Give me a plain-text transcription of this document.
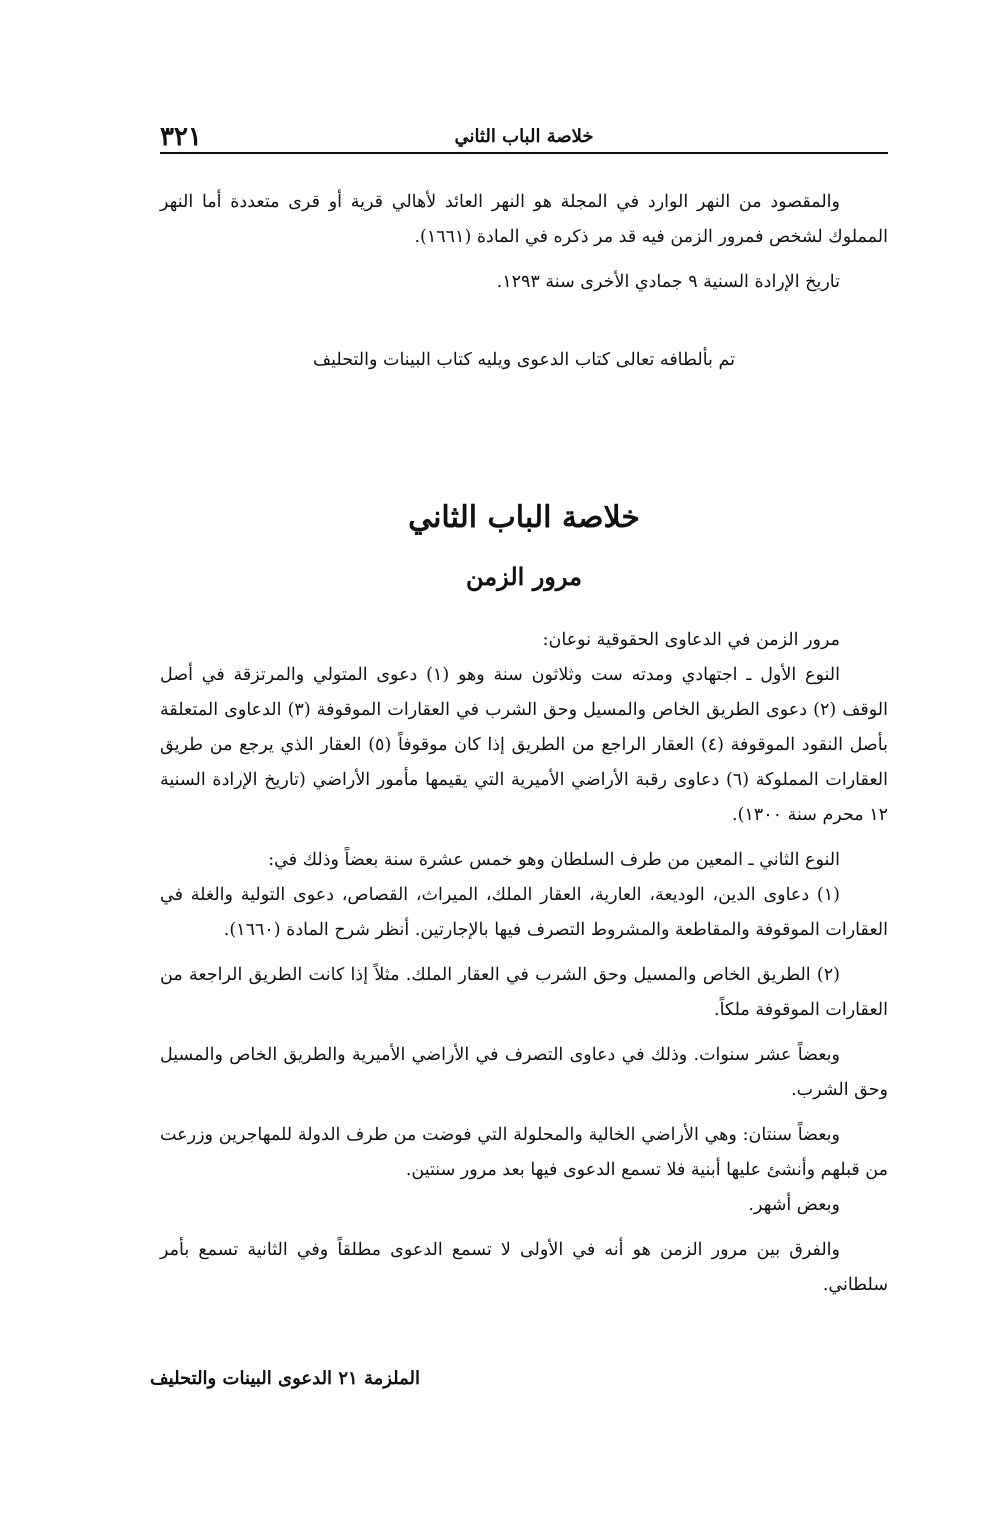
٣٢١	خلاصة الباب الثاني

والمقصود من النهر الوارد في المجلة هو النهر العائد لأهالي قرية أو قرى متعددة أما النهر المملوك لشخص فمرور الزمن فيه قد مر ذكره في المادة (١٦٦١).

تاريخ الإرادة السنية ٩ جمادي الأخرى سنة ١٢٩٣.

تم بألطافه تعالى كتاب الدعوى ويليه كتاب البينات والتحليف
خلاصة الباب الثاني
مرور الزمن

مرور الزمن في الدعاوى الحقوقية نوعان:

النوع الأول ـ اجتهادي ومدته ست وثلاثون سنة وهو (١) دعوى المتولي والمرتزقة في أصل الوقف (٢) دعوى الطريق الخاص والمسيل وحق الشرب في العقارات الموقوفة (٣) الدعاوى المتعلقة بأصل النقود الموقوفة (٤) العقار الراجع من الطريق إذا كان موقوفاً (٥) العقار الذي يرجع من طريق العقارات المملوكة (٦) دعاوى رقبة الأراضي الأميرية التي يقيمها مأمور الأراضي (تاريخ الإرادة السنية ١٢ محرم سنة ١٣٠٠).

النوع الثاني ـ المعين من طرف السلطان وهو خمس عشرة سنة بعضاً وذلك في:

(١) دعاوى الدين، الوديعة، العارية، العقار الملك، الميراث، القصاص، دعوى التولية والغلة في العقارات الموقوفة والمقاطعة والمشروط التصرف فيها بالإجارتين. أنظر شرح المادة (١٦٦٠).

(٢) الطريق الخاص والمسيل وحق الشرب في العقار الملك. مثلاً إذا كانت الطريق الراجعة من العقارات الموقوفة ملكاً.

وبعضاً عشر سنوات. وذلك في دعاوى التصرف في الأراضي الأميرية والطريق الخاص والمسيل وحق الشرب.

وبعضاً سنتان: وهي الأراضي الخالية والمحلولة التي فوضت من طرف الدولة للمهاجرين وزرعت من قبلهم وأنشئ عليها أبنية فلا تسمع الدعوى فيها بعد مرور سنتين.

وبعض أشهر.

والفرق بين مرور الزمن هو أنه في الأولى لا تسمع الدعوى مطلقاً وفي الثانية تسمع بأمر سلطاني.

الملزمة ٢١ الدعوى البينات والتحليف
